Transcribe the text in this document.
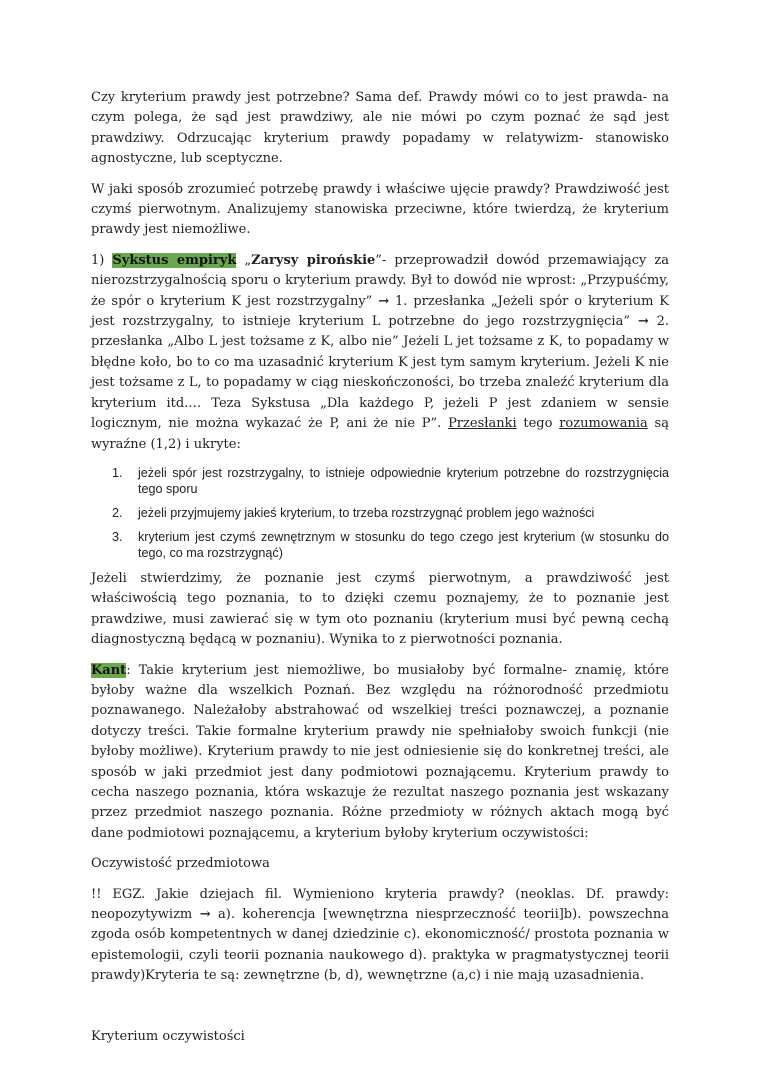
Czy kryterium prawdy jest potrzebne? Sama def. Prawdy mówi co to jest prawda- na czym polega, że sąd jest prawdziwy, ale nie mówi po czym poznać że sąd jest prawdziwy. Odrzucając kryterium prawdy popadamy w relatywizm- stanowisko agnostyczne, lub sceptyczne.

W jaki sposób zrozumieć potrzebę prawdy i właściwe ujęcie prawdy? Prawdziwość jest czymś pierwotnym. Analizujemy stanowiska przeciwne, które twierdzą, że kryterium prawdy jest niemożliwe.

1) Sykstus empiryk „Zarysy pirońskie”- przeprowadził dowód przemawiający za nierozstrzygalnością sporu o kryterium prawdy. Był to dowód nie wprost: „Przypuśćmy, że spór o kryterium K jest rozstrzygalny” → 1. przesłanka „Jeżeli spór o kryterium K jest rozstrzygalny, to istnieje kryterium L potrzebne do jego rozstrzygnięcia” → 2. przesłanka „Albo L jest tożsame z K, albo nie” Jeżeli L jet tożsame z K, to popadamy w błędne koło, bo to co ma uzasadnić kryterium K jest tym samym kryterium. Jeżeli K nie jest tożsame z L, to popadamy w ciąg nieskończoności, bo trzeba znaleźć kryterium dla kryterium itd.… Teza Sykstusa „Dla każdego P, jeżeli P jest zdaniem w sensie logicznym, nie można wykazać że P, ani że nie P”. Przesłanki tego rozumowania są wyraźne (1,2) i ukryte:

1. jeżeli spór jest rozstrzygalny, to istnieje odpowiednie kryterium potrzebne do rozstrzygnięcia tego sporu
2. jeżeli przyjmujemy jakieś kryterium, to trzeba rozstrzygnąć problem jego ważności
3. kryterium jest czymś zewnętrznym w stosunku do tego czego jest kryterium (w stosunku do tego, co ma rozstrzygnąć)

Jeżeli stwierdzimy, że poznanie jest czymś pierwotnym, a prawdziwość jest właściwością tego poznania, to to dzięki czemu poznajemy, że to poznanie jest prawdziwe, musi zawierać się w tym oto poznaniu (kryterium musi być pewną cechą diagnostyczną będącą w poznaniu). Wynika to z pierwotności poznania.

Kant: Takie kryterium jest niemożliwe, bo musiałoby być formalne- znamię, które byłoby ważne dla wszelkich Poznań. Bez względu na różnorodność przedmiotu poznawanego. Należałoby abstrahować od wszelkiej treści poznawczej, a poznanie dotyczy treści. Takie formalne kryterium prawdy nie spełniałoby swoich funkcji (nie byłoby możliwe). Kryterium prawdy to nie jest odniesienie się do konkretnej treści, ale sposób w jaki przedmiot jest dany podmiotowi poznającemu. Kryterium prawdy to cecha naszego poznania, która wskazuje że rezultat naszego poznania jest wskazany przez przedmiot naszego poznania. Różne przedmioty w różnych aktach mogą być dane podmiotowi poznającemu, a kryterium byłoby kryterium oczywistości:

Oczywistość przedmiotowa

!! EGZ. Jakie dziejach fil. Wymieniono kryteria prawdy? (neoklas. Df. prawdy: neopozytywizm → a). koherencja [wewnętrzna niesprzeczność teorii]b). powszechna zgoda osób kompetentnych w danej dziedzinie c). ekonomiczność/ prostota poznania w epistemologii, czyli teorii poznania naukowego d). praktyka w pragmatystycznej teorii prawdy)Kryteria te są: zewnętrzne (b, d), wewnętrzne (a,c) i nie mają uzasadnienia.

Kryterium oczywistości
